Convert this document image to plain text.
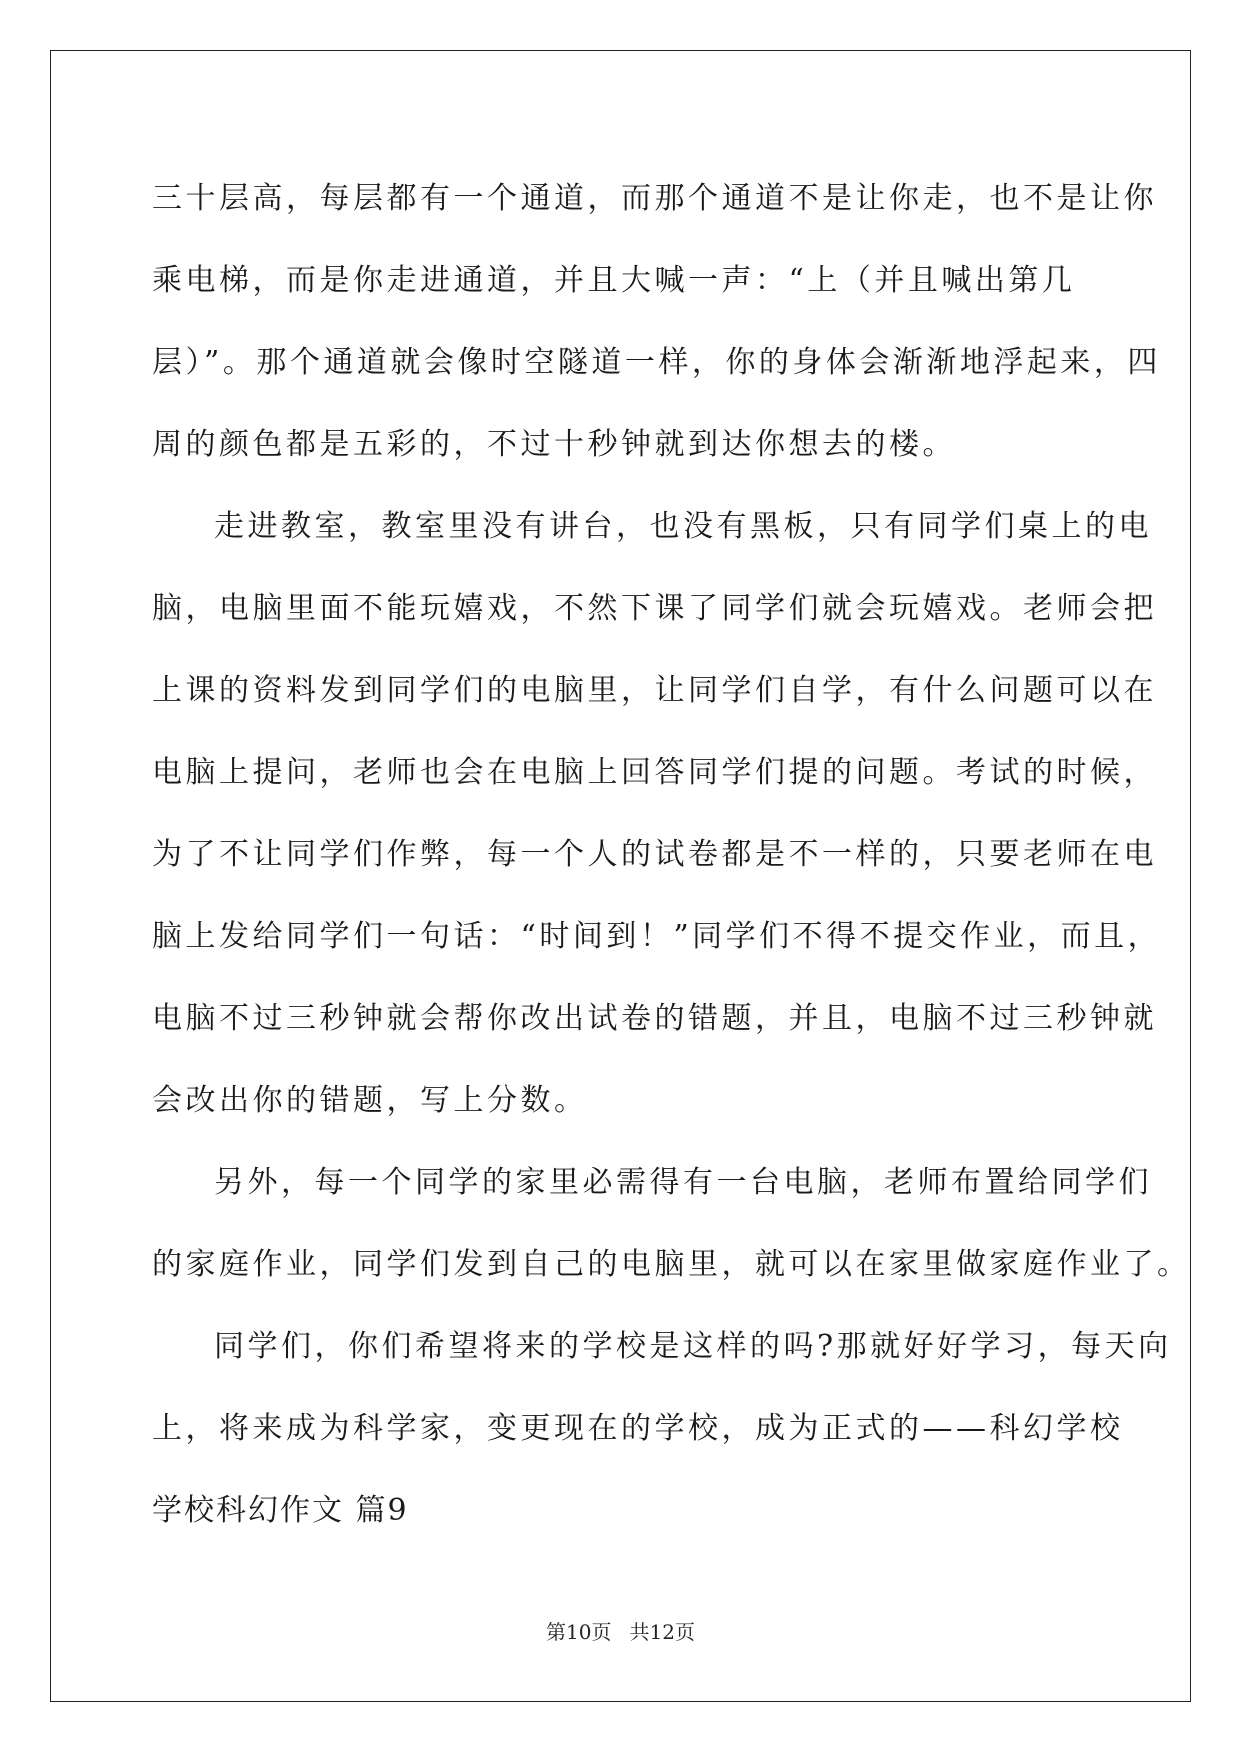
三十层高，每层都有一个通道，而那个通道不是让你走，也不是让你
乘电梯，而是你走进通道，并且大喊一声：“上（并且喊出第几
层）”。那个通道就会像时空隧道一样，你的身体会渐渐地浮起来，四
周的颜色都是五彩的，不过十秒钟就到达你想去的楼。
走进教室，教室里没有讲台，也没有黑板，只有同学们桌上的电
脑，电脑里面不能玩嬉戏，不然下课了同学们就会玩嬉戏。老师会把
上课的资料发到同学们的电脑里，让同学们自学，有什么问题可以在
电脑上提问，老师也会在电脑上回答同学们提的问题。考试的时候，
为了不让同学们作弊，每一个人的试卷都是不一样的，只要老师在电
脑上发给同学们一句话：“时间到！”同学们不得不提交作业，而且，
电脑不过三秒钟就会帮你改出试卷的错题，并且，电脑不过三秒钟就
会改出你的错题，写上分数。
另外，每一个同学的家里必需得有一台电脑，老师布置给同学们
的家庭作业，同学们发到自己的电脑里，就可以在家里做家庭作业了。
同学们，你们希望将来的学校是这样的吗?那就好好学习，每天向
上，将来成为科学家，变更现在的学校，成为正式的——科幻学校
学校科幻作文 篇9
第10页 共12页
